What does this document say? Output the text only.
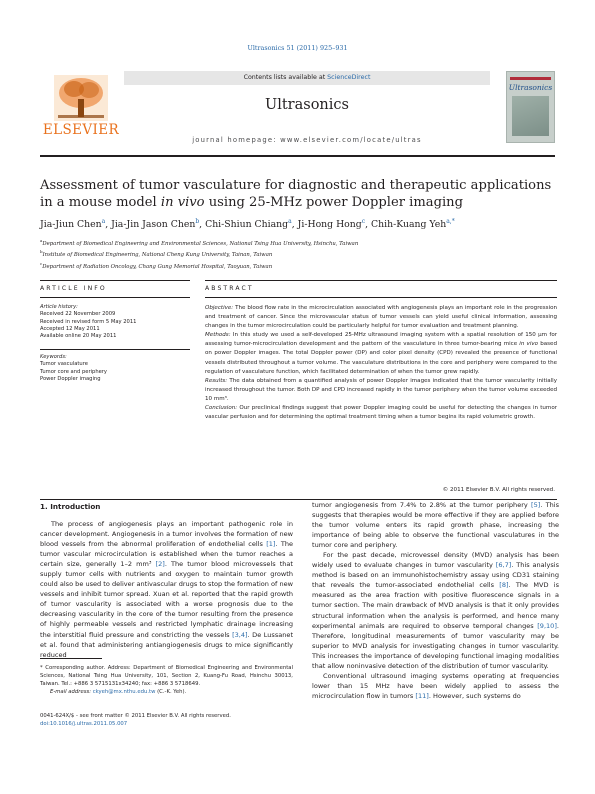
Ultrasonics 51 (2011) 925–931
ELSEVIER
Contents lists available at ScienceDirect
Ultrasonics
journal homepage: www.elsevier.com/locate/ultras
Ultrasonics
Assessment of tumor vasculature for diagnostic and therapeutic applications
in a mouse model in vivo using 25-MHz power Doppler imaging
Jia-Jiun Chen$^a$, Jia-Jin Jason Chen$^b$, Chi-Shiun Chiang$^a$, Ji-Hong Hong$^c$, Chih-Kuang Yeh$^{a,*}$
$^a$Department of Biomedical Engineering and Environmental Sciences, National Tsing Hua University, Hsinchu, Taiwan
$^b$Institute of Biomedical Engineering, National Cheng Kung University, Tainan, Taiwan
$^c$Department of Radiation Oncology, Chang Gung Memorial Hospital, Taoyuan, Taiwan
ARTICLE INFO	ABSTRACT
Article history:
Received 22 November 2009
Received in revised form 5 May 2011
Accepted 12 May 2011
Available online 20 May 2011
Keywords:
Tumor vasculature
Tumor core and periphery
Power Doppler imaging

Objective: The blood flow rate in the microcirculation associated with angiogenesis plays an important role in the progression and treatment of cancer. Since the microvascular status of tumor vessels can yield useful clinical information, assessing changes in the tumor microcirculation could be particularly helpful for tumor evaluation and treatment planning.

Methods: In this study we used a self-developed 25-MHz ultrasound imaging system with a spatial resolution of 150 μm for assessing tumor-microcirculation development and the pattern of the vasculature in three tumor-bearing mice in vivo based on power Doppler images. The total Doppler power (DP) and color pixel density (CPD) revealed the presence of functional vessels distributed throughout a tumor volume. The vasculature distributions in the core and periphery were compared to the regulation of vasculature function, which facilitated determination of when the tumor grew rapidly.

Results: The data obtained from a quantified analysis of power Doppler images indicated that the tumor vascularity initially increased throughout the tumor. Both DP and CPD increased rapidly in the tumor periphery when the tumor volume exceeded 10 mm³.

Conclusion: Our preclinical findings suggest that power Doppler imaging could be useful for detecting the changes in tumor vascular perfusion and for determining the optimal treatment timing when a tumor begins its rapid volumetric growth.

© 2011 Elsevier B.V. All rights reserved.
1. Introduction

The process of angiogenesis plays an important pathogenic role in cancer development. Angiogenesis in a tumor involves the formation of new blood vessels from the abnormal proliferation of endothelial cells [1]. The tumor vascular microcirculation is established when the tumor reaches a certain size, generally 1–2 mm³ [2]. The tumor blood microvessels that supply tumor cells with nutrients and oxygen to maintain tumor growth could also be used to deliver antivascular drugs to stop the formation of new vessels and inhibit tumor spread. Xuan et al. reported that the rapid growth of tumor vascularity is associated with a worse prognosis due to the decreasing vascularity in the core of the tumor resulting from the presence of highly permeable vessels and restricted lymphatic drainage increasing the interstitial fluid pressure and constricting the vessels [3,4]. De Lussanet et al. found that administering antiangiogenesis drugs to mice significantly reduced

tumor angiogenesis from 7.4% to 2.8% at the tumor periphery [5]. This suggests that therapies would be more effective if they are applied before the tumor volume enters its rapid growth phase, increasing the importance of being able to observe the functional vasculatures in the tumor core and periphery.

For the past decade, microvessel density (MVD) analysis has been widely used to evaluate changes in tumor vascularity [6,7]. This analysis method is based on an immunohistochemistry assay using CD31 staining that reveals the tumor-associated endothelial cells [8]. The MVD is measured as the area fraction with positive fluorescence signals in a tumor section. The main drawback of MVD analysis is that it only provides structural information when the analysis is performed, and hence many experimental animals are required to observe temporal changes [9,10]. Therefore, longitudinal measurements of tumor vascularity may be superior to MVD analysis for investigating changes in tumor vascularity. This increases the importance of developing functional imaging modalities that allow noninvasive detection of the distribution of tumor vascularity.

Conventional ultrasound imaging systems operating at frequencies lower than 15 MHz have been widely applied to assess the microcirculation flow in tumors [11]. However, such systems do

* Corresponding author. Address: Department of Biomedical Engineering and Environmental Sciences, National Tsing Hua University, 101, Section 2, Kuang-Fu Road, Hsinchu 30013, Taiwan. Tel.: +886 3 5715131x34240; fax: +886 3 5718649.
E-mail address: ckyeh@mx.nthu.edu.tw (C.-K. Yeh).
0041-624X/$ - see front matter © 2011 Elsevier B.V. All rights reserved.
doi:10.1016/j.ultras.2011.05.007
